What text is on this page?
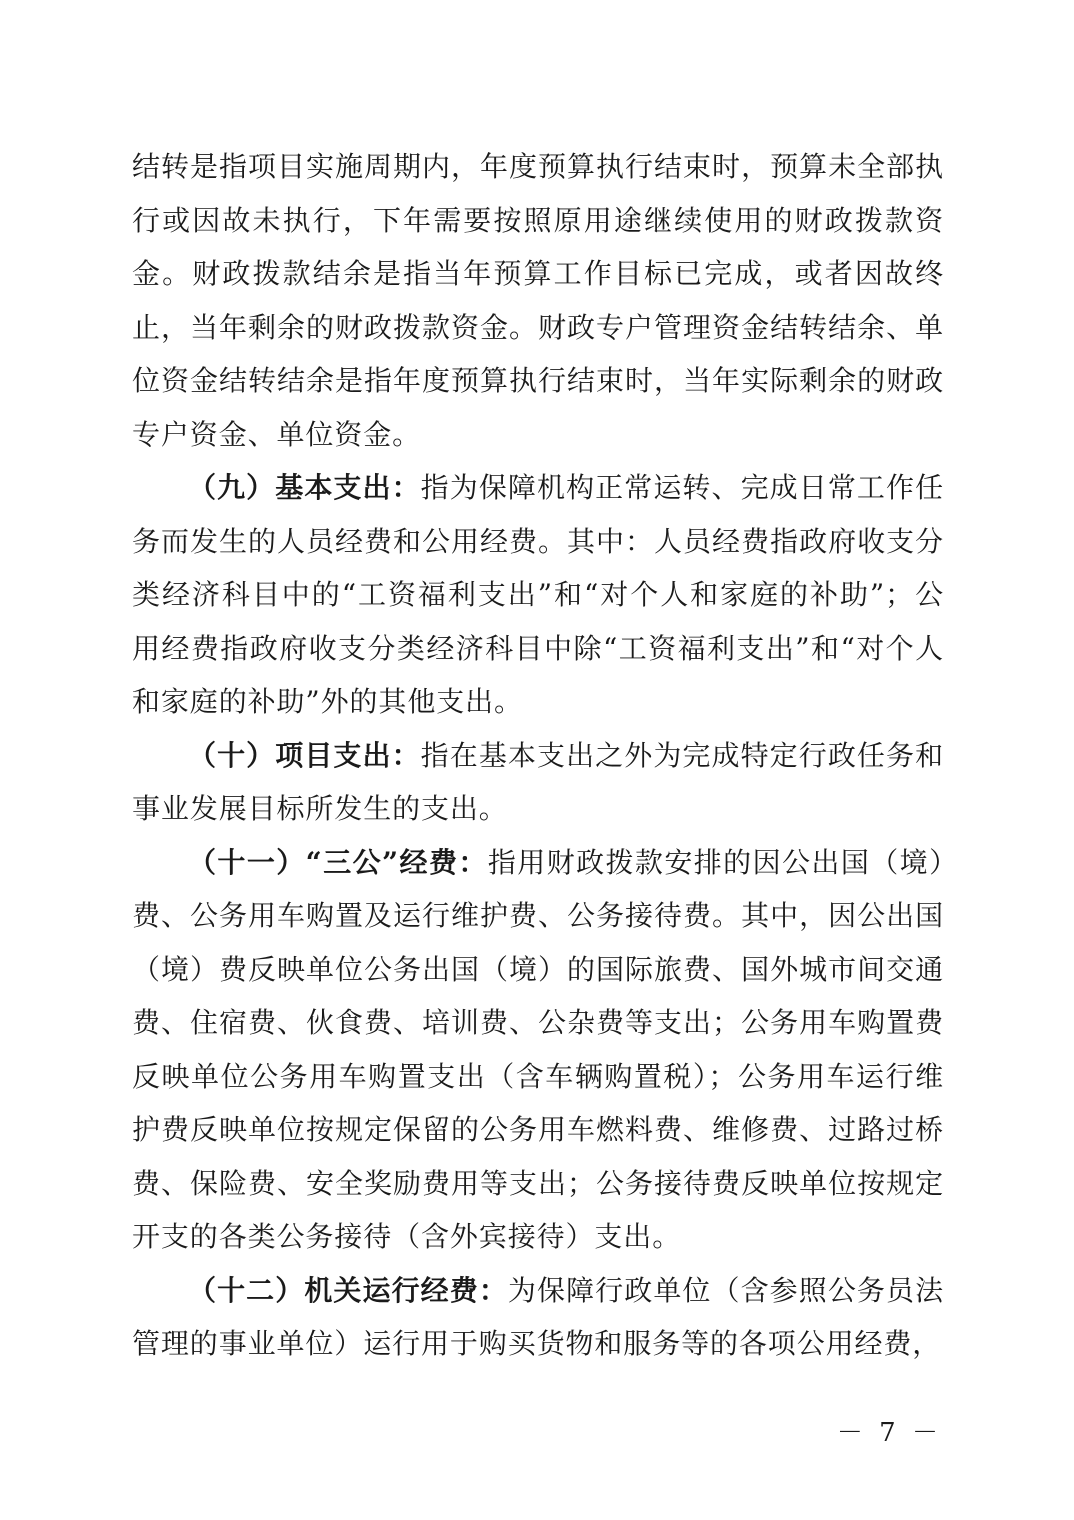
结转是指项目实施周期内，年度预算执行结束时，预算未全部执行或因故未执行，下年需要按照原用途继续使用的财政拨款资金。财政拨款结余是指当年预算工作目标已完成，或者因故终止，当年剩余的财政拨款资金。财政专户管理资金结转结余、单位资金结转结余是指年度预算执行结束时，当年实际剩余的财政专户资金、单位资金。

（九）基本支出：指为保障机构正常运转、完成日常工作任务而发生的人员经费和公用经费。其中：人员经费指政府收支分类经济科目中的“工资福利支出”和“对个人和家庭的补助”；公用经费指政府收支分类经济科目中除“工资福利支出”和“对个人和家庭的补助”外的其他支出。

（十）项目支出：指在基本支出之外为完成特定行政任务和事业发展目标所发生的支出。

（十一）“三公”经费：指用财政拨款安排的因公出国（境）费、公务用车购置及运行维护费、公务接待费。其中，因公出国（境）费反映单位公务出国（境）的国际旅费、国外城市间交通费、住宿费、伙食费、培训费、公杂费等支出；公务用车购置费反映单位公务用车购置支出（含车辆购置税）；公务用车运行维护费反映单位按规定保留的公务用车燃料费、维修费、过路过桥费、保险费、安全奖励费用等支出；公务接待费反映单位按规定开支的各类公务接待（含外宾接待）支出。

（十二）机关运行经费：为保障行政单位（含参照公务员法管理的事业单位）运行用于购买货物和服务等的各项公用经费，

－ 7 －
